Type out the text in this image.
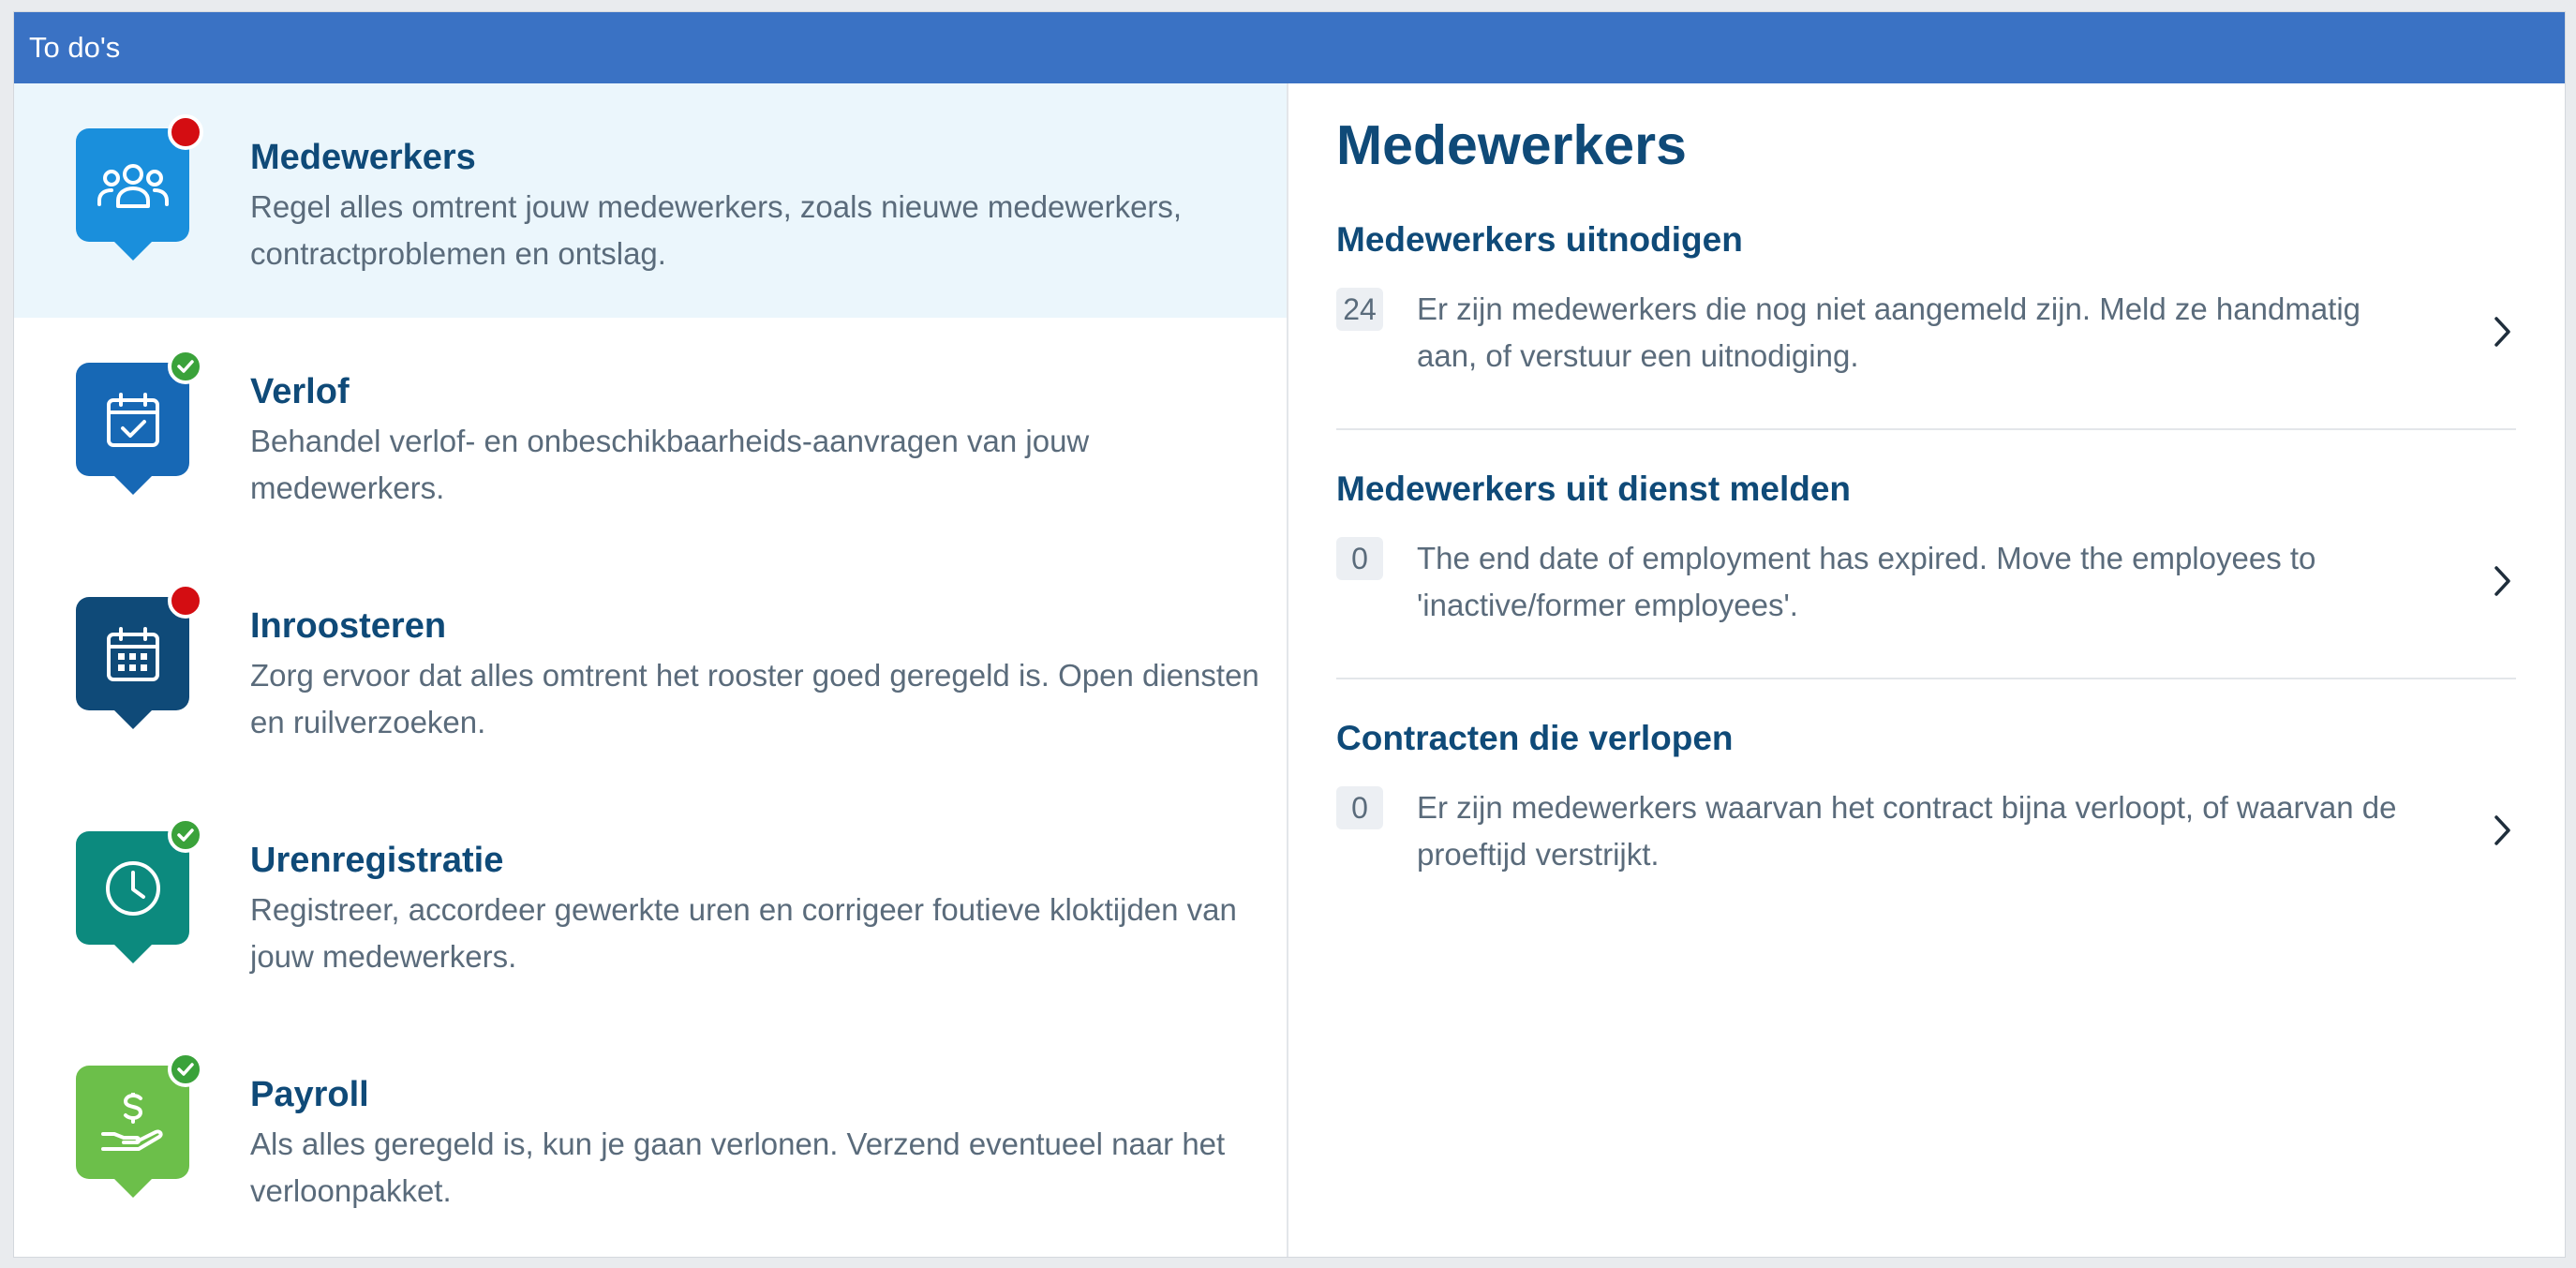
To do's
Medewerkers
Regel alles omtrent jouw medewerkers, zoals nieuwe medewerkers, contractproblemen en ontslag.
Verlof
Behandel verlof- en onbeschikbaarheids-aanvragen van jouw medewerkers.
Inroosteren
Zorg ervoor dat alles omtrent het rooster goed geregeld is. Open diensten en ruilverzoeken.
Urenregistratie
Registreer, accordeer gewerkte uren en corrigeer foutieve kloktijden van jouw medewerkers.
Payroll
Als alles geregeld is, kun je gaan verlonen. Verzend eventueel naar het verloonpakket.
Medewerkers
Medewerkers uitnodigen
24 Er zijn medewerkers die nog niet aangemeld zijn. Meld ze handmatig aan, of verstuur een uitnodiging.
Medewerkers uit dienst melden
0	The end date of employment has expired. Move the employees to 'inactive/former employees'.
Contracten die verlopen
0	Er zijn medewerkers waarvan het contract bijna verloopt, of waarvan de proeftijd verstrijkt.
